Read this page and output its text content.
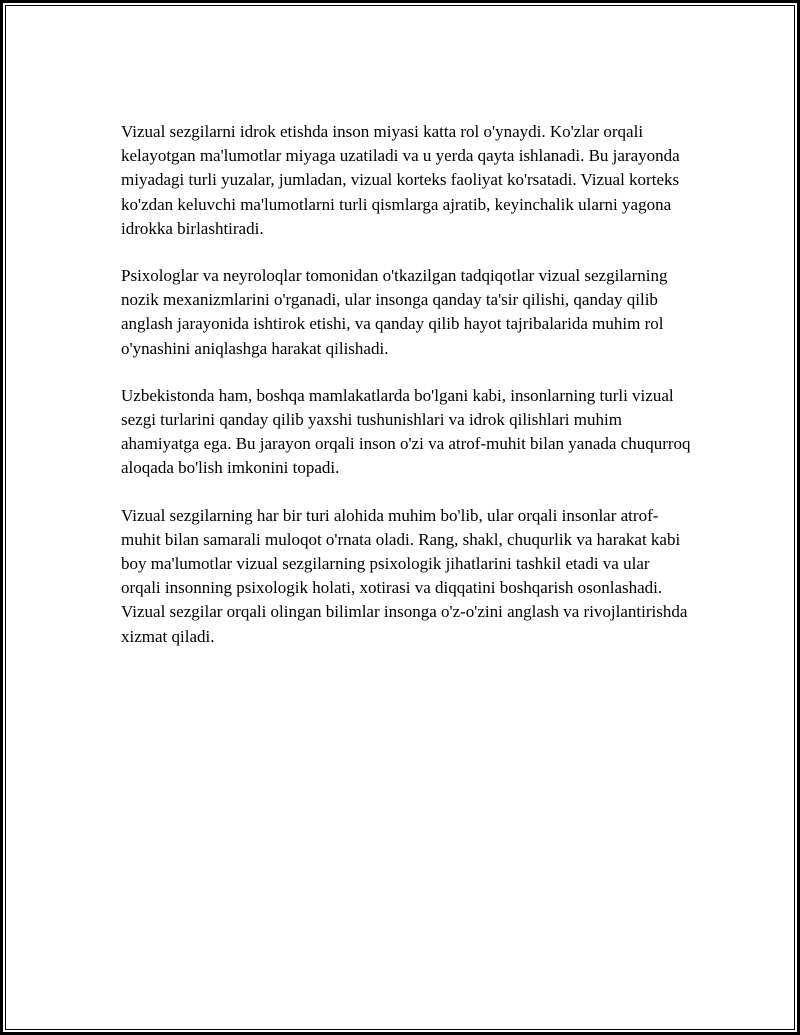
Vizual sezgilarni idrok etishda inson miyasi katta rol o'ynaydi. Ko'zlar orqali kelayotgan ma'lumotlar miyaga uzatiladi va u yerda qayta ishlanadi. Bu jarayonda miyadagi turli yuzalar, jumladan, vizual korteks faoliyat ko'rsatadi. Vizual korteks ko'zdan keluvchi ma'lumotlarni turli qismlarga ajratib, keyinchalik ularni yagona idrokka birlashtiradi.

Psixologlar va neyroloqlar tomonidan o'tkazilgan tadqiqotlar vizual sezgilarning nozik mexanizmlarini o'rganadi, ular insonga qanday ta'sir qilishi, qanday qilib anglash jarayonida ishtirok etishi, va qanday qilib hayot tajribalarida muhim rol o'ynashini aniqlashga harakat qilishadi.

Uzbekistonda ham, boshqa mamlakatlarda bo'lgani kabi, insonlarning turli vizual sezgi turlarini qanday qilib yaxshi tushunishlari va idrok qilishlari muhim ahamiyatga ega. Bu jarayon orqali inson o'zi va atrof-muhit bilan yanada chuqurroq aloqada bo'lish imkonini topadi.

Vizual sezgilarning har bir turi alohida muhim bo'lib, ular orqali insonlar atrof-muhit bilan samarali muloqot o'rnata oladi. Rang, shakl, chuqurlik va harakat kabi boy ma'lumotlar vizual sezgilarning psixologik jihatlarini tashkil etadi va ular orqali insonning psixologik holati, xotirasi va diqqatini boshqarish osonlashadi. Vizual sezgilar orqali olingan bilimlar insonga o'z-o'zini anglash va rivojlantirishda xizmat qiladi.
